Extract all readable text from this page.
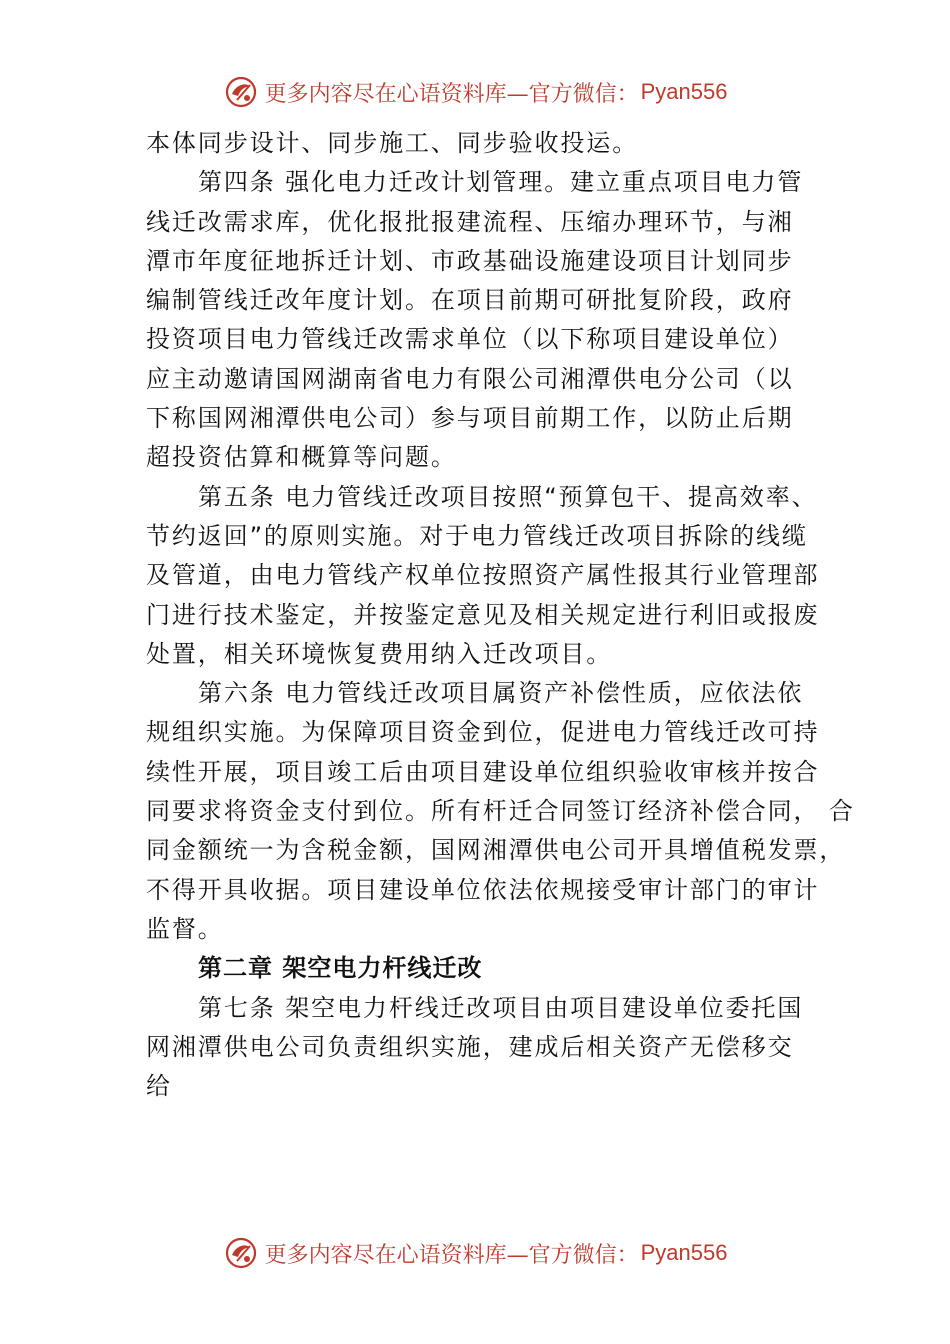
更多内容尽在心语资料库—官方微信： Pyan556
本体同步设计、同步施工、同步验收投运。
第四条 强化电力迁改计划管理。建立重点项目电力管
线迁改需求库，优化报批报建流程、压缩办理环节，与湘
潭市年度征地拆迁计划、市政基础设施建设项目计划同步
编制管线迁改年度计划。在项目前期可研批复阶段，政府
投资项目电力管线迁改需求单位（以下称项目建设单位）
应主动邀请国网湖南省电力有限公司湘潭供电分公司（以
下称国网湘潭供电公司）参与项目前期工作，以防止后期
超投资估算和概算等问题。
第五条 电力管线迁改项目按照“预算包干、提高效率、
节约返回”的原则实施。对于电力管线迁改项目拆除的线缆
及管道，由电力管线产权单位按照资产属性报其行业管理部
门进行技术鉴定，并按鉴定意见及相关规定进行利旧或报废
处置，相关环境恢复费用纳入迁改项目。
第六条 电力管线迁改项目属资产补偿性质，应依法依
规组织实施。为保障项目资金到位，促进电力管线迁改可持
续性开展，项目竣工后由项目建设单位组织验收审核并按合
同要求将资金支付到位。所有杆迁合同签订经济补偿合同， 合
同金额统一为含税金额，国网湘潭供电公司开具增值税发票，
不得开具收据。项目建设单位依法依规接受审计部门的审计
监督。
第二章 架空电力杆线迁改
第七条 架空电力杆线迁改项目由项目建设单位委托国
网湘潭供电公司负责组织实施，建成后相关资产无偿移交
给
更多内容尽在心语资料库—官方微信： Pyan556
